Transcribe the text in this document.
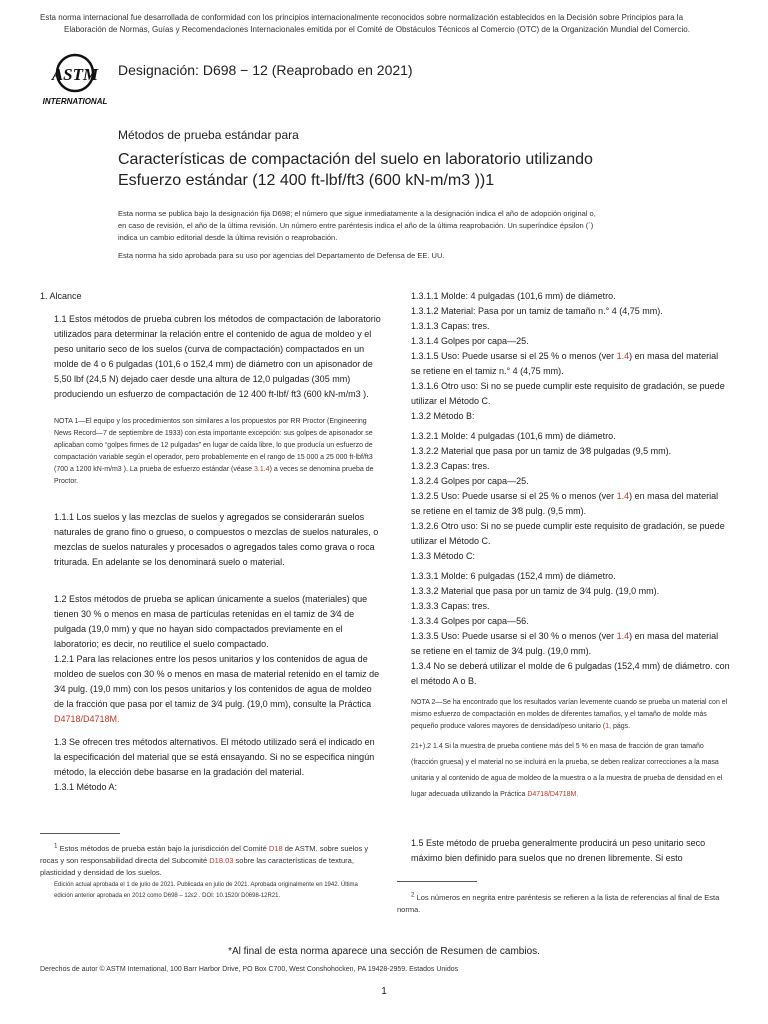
Esta norma internacional fue desarrollada de conformidad con los principios internacionalmente reconocidos sobre normalización establecidos en la Decisión sobre Principios para la
Elaboración de Normas, Guías y Recomendaciones Internacionales emitida por el Comité de Obstáculos Técnicos al Comercio (OTC) de la Organización Mundial del Comercio.
ASTM
INTERNATIONAL
Designación: D698 − 12 (Reaprobado en 2021)
Métodos de prueba estándar para
Características de compactación del suelo en laboratorio utilizando
Esfuerzo estándar (12 400 ft-lbf/ft3 (600 kN-m/m3 ))1
Esta norma se publica bajo la designación fija D698; el número que sigue inmediatamente a la designación indica el año de adopción original o,
en caso de revisión, el año de la última revisión. Un número entre paréntesis indica el año de la última reaprobación. Un superíndice épsilon (´)
indica un cambio editorial desde la última revisión o reaprobación.
Esta norma ha sido aprobada para su uso por agencias del Departamento de Defensa de EE. UU.

1. Alcance

1.1 Estos métodos de prueba cubren los métodos de compactación de laboratorio utilizados para determinar la relación entre el contenido de agua de moldeo y el peso unitario seco de los suelos (curva de compactación) compactados en un molde de 4 o 6 pulgadas (101,6 o 152,4 mm) de diámetro con un apisonador de 5,50 lbf (24,5 N) dejado caer desde una altura de 12,0 pulgadas (305 mm) produciendo un esfuerzo de compactación de 12 400 ft-lbf/ ft3 (600 kN-m/m3 ).

NOTA 1—El equipo y los procedimientos son similares a los propuestos por RR Proctor (Engineering News Record—7 de septiembre de 1933) con esta importante excepción: sus golpes de apisonador se aplicaban como “golpes firmes de 12 pulgadas” en lugar de caída libre, lo que producía un esfuerzo de compactación variable según el operador, pero probablemente en el rango de 15 000 a 25 000 ft-lbf/ft3 (700 a 1200 kN-m/m3 ). La prueba de esfuerzo estándar (véase 3.1.4) a veces se denomina prueba de Proctor.

1.1.1 Los suelos y las mezclas de suelos y agregados se considerarán suelos naturales de grano fino o grueso, o compuestos o mezclas de suelos naturales, o mezclas de suelos naturales y procesados o agregados tales como grava o roca triturada. En adelante se los denominará suelo o material.

1.2 Estos métodos de prueba se aplican únicamente a suelos (materiales) que tienen 30 % o menos en masa de partículas retenidas en el tamiz de 3⁄4 de pulgada (19,0 mm) y que no hayan sido compactados previamente en el laboratorio; es decir, no reutilice el suelo compactado.

1.2.1 Para las relaciones entre los pesos unitarios y los contenidos de agua de moldeo de suelos con 30 % o menos en masa de material retenido en el tamiz de 3⁄4 pulg. (19,0 mm) con los pesos unitarios y los contenidos de agua de moldeo de la fracción que pasa por el tamiz de 3⁄4 pulg. (19,0 mm), consulte la Práctica D4718/D4718M.

1.3 Se ofrecen tres métodos alternativos. El método utilizado será el indicado en la especificación del material que se está ensayando. Si no se especifica ningún método, la elección debe basarse en la gradación del material.

1.3.1 Método A:

1.3.1.1 Molde: 4 pulgadas (101,6 mm) de diámetro.

1.3.1.2 Material: Pasa por un tamiz de tamaño n.° 4 (4,75 mm).

1.3.1.3 Capas: tres.

1.3.1.4 Golpes por capa—25.

1.3.1.5 Uso: Puede usarse si el 25 % o menos (ver 1.4) en masa del material se retiene en el tamiz n.° 4 (4,75 mm).

1.3.1.6 Otro uso: Si no se puede cumplir este requisito de gradación, se puede utilizar el Método C.

1.3.2 Método B:

1.3.2.1 Molde: 4 pulgadas (101,6 mm) de diámetro.

1.3.2.2 Material que pasa por un tamiz de 3⁄8 pulgadas (9,5 mm).

1.3.2.3 Capas: tres.

1.3.2.4 Golpes por capa—25.

1.3.2.5 Uso: Puede usarse si el 25 % o menos (ver 1.4) en masa del material se retiene en el tamiz de 3⁄8 pulg. (9,5 mm).

1.3.2.6 Otro uso: Si no se puede cumplir este requisito de gradación, se puede utilizar el Método C.

1.3.3 Método C:

1.3.3.1 Molde: 6 pulgadas (152,4 mm) de diámetro.

1.3.3.2 Material que pasa por un tamiz de 3⁄4 pulg. (19,0 mm).

1.3.3.3 Capas: tres.

1.3.3.4 Golpes por capa—56.

1.3.3.5 Uso: Puede usarse si el 30 % o menos (ver 1.4) en masa del material se retiene en el tamiz de 3⁄4 pulg. (19,0 mm).

1.3.4 No se deberá utilizar el molde de 6 pulgadas (152,4 mm) de diámetro. con el método A o B.

NOTA 2—Se ha encontrado que los resultados varían levemente cuando se prueba un material con el mismo esfuerzo de compactación en moldes de diferentes tamaños, y el tamaño de molde más pequeño produce valores mayores de densidad/peso unitario (1, págs.

21+).2 1.4 Si la muestra de prueba contiene más del 5 % en masa de fracción de gran tamaño (fracción gruesa) y el material no se incluirá en la prueba, se deben realizar correcciones a la masa unitaria y al contenido de agua de moldeo de la muestra o a la muestra de prueba de densidad en el lugar adecuada utilizando la Práctica D4718/D4718M.

1.5 Este método de prueba generalmente producirá un peso unitario seco máximo bien definido para suelos que no drenen libremente. Si esto

$^1$ Estos métodos de prueba están bajo la jurisdicción del Comité D18 de ASTM. sobre suelos y rocas y son responsabilidad directa del Subcomité D18.03 sobre las características de textura, plasticidad y densidad de los suelos.
Edición actual aprobada el 1 de julio de 2021. Publicada en julio de 2021. Aprobada originalmente en 1942. Última
edición anterior aprobada en 2012 como D698 – 12ε2 . DOI: 10.1520/ D0698-12R21.	$^2$ Los números en negrita entre paréntesis se refieren a la lista de referencias al final de Esta norma.
*Al final de esta norma aparece una sección de Resumen de cambios.
Derechos de autor © ASTM International, 100 Barr Harbor Drive, PO Box C700, West Conshohocken, PA 19428-2959. Estados Unidos
1
